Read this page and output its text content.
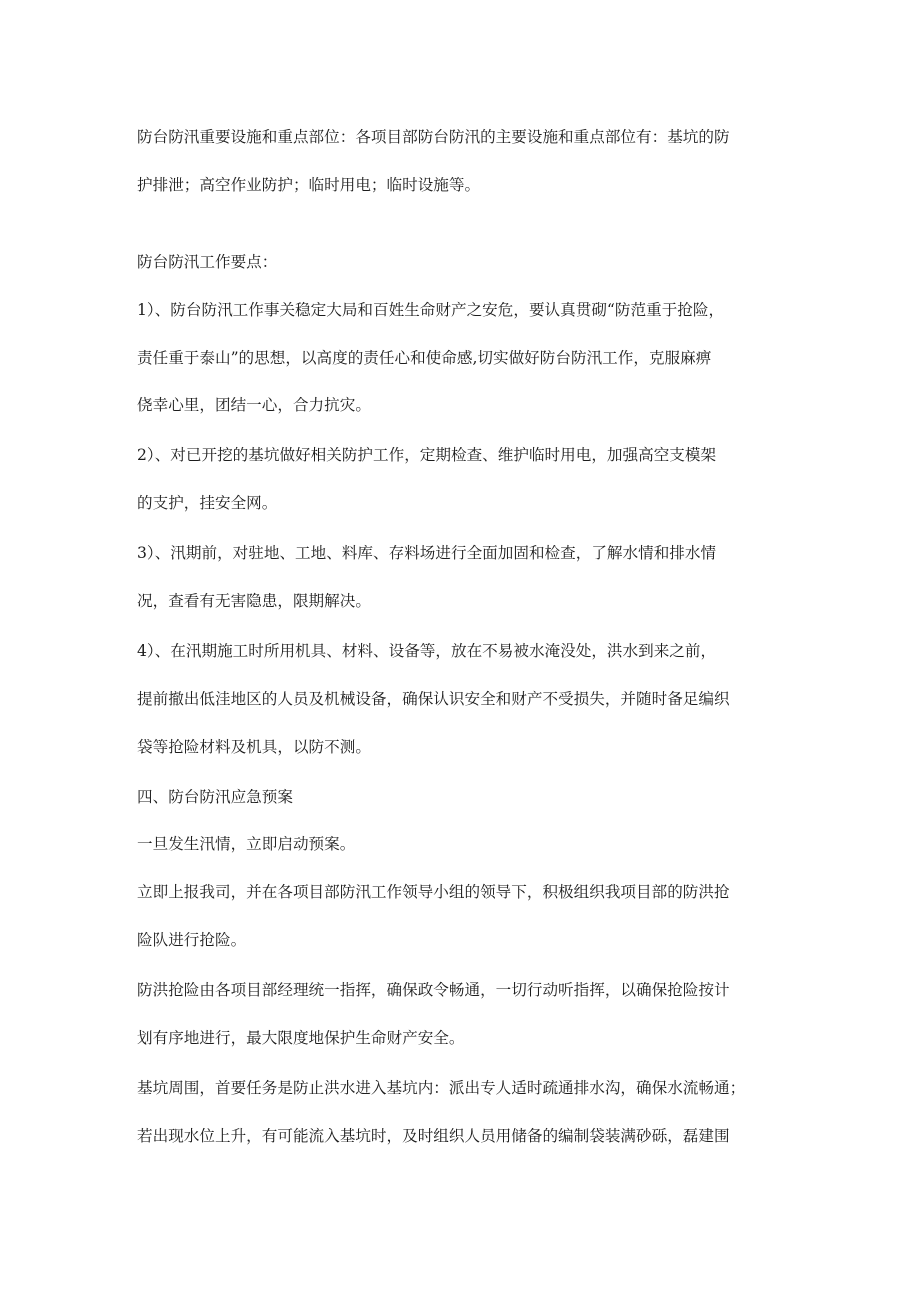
防台防汛重要设施和重点部位：各项目部防台防汛的主要设施和重点部位有：基坑的防
护排泄；高空作业防护；临时用电；临时设施等。
防台防汛工作要点：
1）、防台防汛工作事关稳定大局和百姓生命财产之安危，要认真贯砌“防范重于抢险，
责任重于泰山”的思想，以高度的责任心和使命感,切实做好防台防汛工作，克服麻痹
侥幸心里，团结一心，合力抗灾。
2）、对已开挖的基坑做好相关防护工作，定期检查、维护临时用电，加强高空支模架
的支护，挂安全网。
3）、汛期前，对驻地、工地、料库、存料场进行全面加固和检查，了解水情和排水情
况，查看有无害隐患，限期解决。
4）、在汛期施工时所用机具、材料、设备等，放在不易被水淹没处，洪水到来之前，
提前撤出低洼地区的人员及机械设备，确保认识安全和财产不受损失，并随时备足编织
袋等抢险材料及机具，以防不测。
四、防台防汛应急预案
一旦发生汛情，立即启动预案。
立即上报我司，并在各项目部防汛工作领导小组的领导下，积极组织我项目部的防洪抢
险队进行抢险。
防洪抢险由各项目部经理统一指挥，确保政令畅通，一切行动听指挥，以确保抢险按计
划有序地进行，最大限度地保护生命财产安全。
基坑周围，首要任务是防止洪水进入基坑内：派出专人适时疏通排水沟，确保水流畅通；
若出现水位上升，有可能流入基坑时，及时组织人员用储备的编制袋装满砂砾，磊建围
